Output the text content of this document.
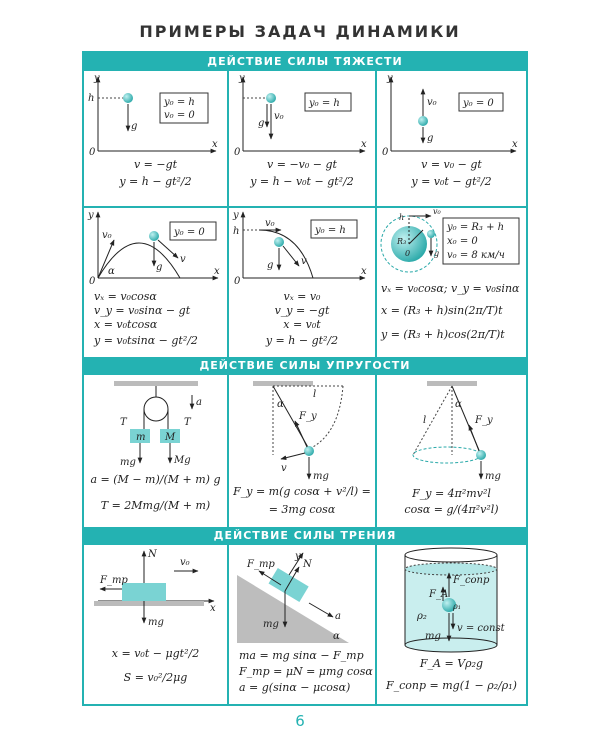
ПРИМЕРЫ ЗАДАЧ ДИНАМИКИ
ДЕЙСТВИЕ СИЛЫ ТЯЖЕСТИ
ДЕЙСТВИЕ СИЛЫ УПРУГОСТИ
ДЕЙСТВИЕ СИЛЫ ТРЕНИЯ
y
x
h
0
g
y₀ = h
v₀ = 0
v = −gt
y = h − gt²/2
y
x
0
v₀
g
y₀ = h
v = −v₀ − gt
y = h − v₀t − gt²/2
y
x
0
v₀
g
y₀ = 0
v = v₀ − gt
y = v₀t − gt²/2
y
x
0
v₀
α	g
v
y₀ = 0
vₓ = v₀cosα
v_y = v₀sinα − gt
x = v₀tcosα
y = v₀tsinα − gt²/2
y
x
h
0
v₀
g	v
y₀ = h
vₓ = v₀
v_y = −gt
x = v₀t
y = h − gt²/2
h
R₃
0
v₀
g
y₀ = R₃ + h
x₀ = 0
v₀ = 8 км/ч
vₓ = v₀cosα; v_y = v₀sinα
x = (R₃ + h)sin(2π/T)t
y = (R₃ + h)cos(2π/T)t
m M
T	T
mg	Mg
a
a = (M − m)/(M + m) g
T = 2Mmg/(M + m)
l
α
F_y
v
mg
F_y = m(g cosα + v²/l) =
= 3mg cosα
l
α
F_y
mg
F_y = 4π²mv²l
cosα = g/(4π²v²l)
N
F_тр
v₀
x
mg
x = v₀t − μgt²/2
S = v₀²/2μg
F_тр	N
y
a
mg
α
ma = mg sinα − F_тр
F_тр = μN = μmg cosα
a = g(sinα − μcosα)
F_сопр
F_A
ρ₁
ρ₂
v = const
mg
F_A = Vρ₂g
F_сопр = mg(1 − ρ₂/ρ₁)
6
